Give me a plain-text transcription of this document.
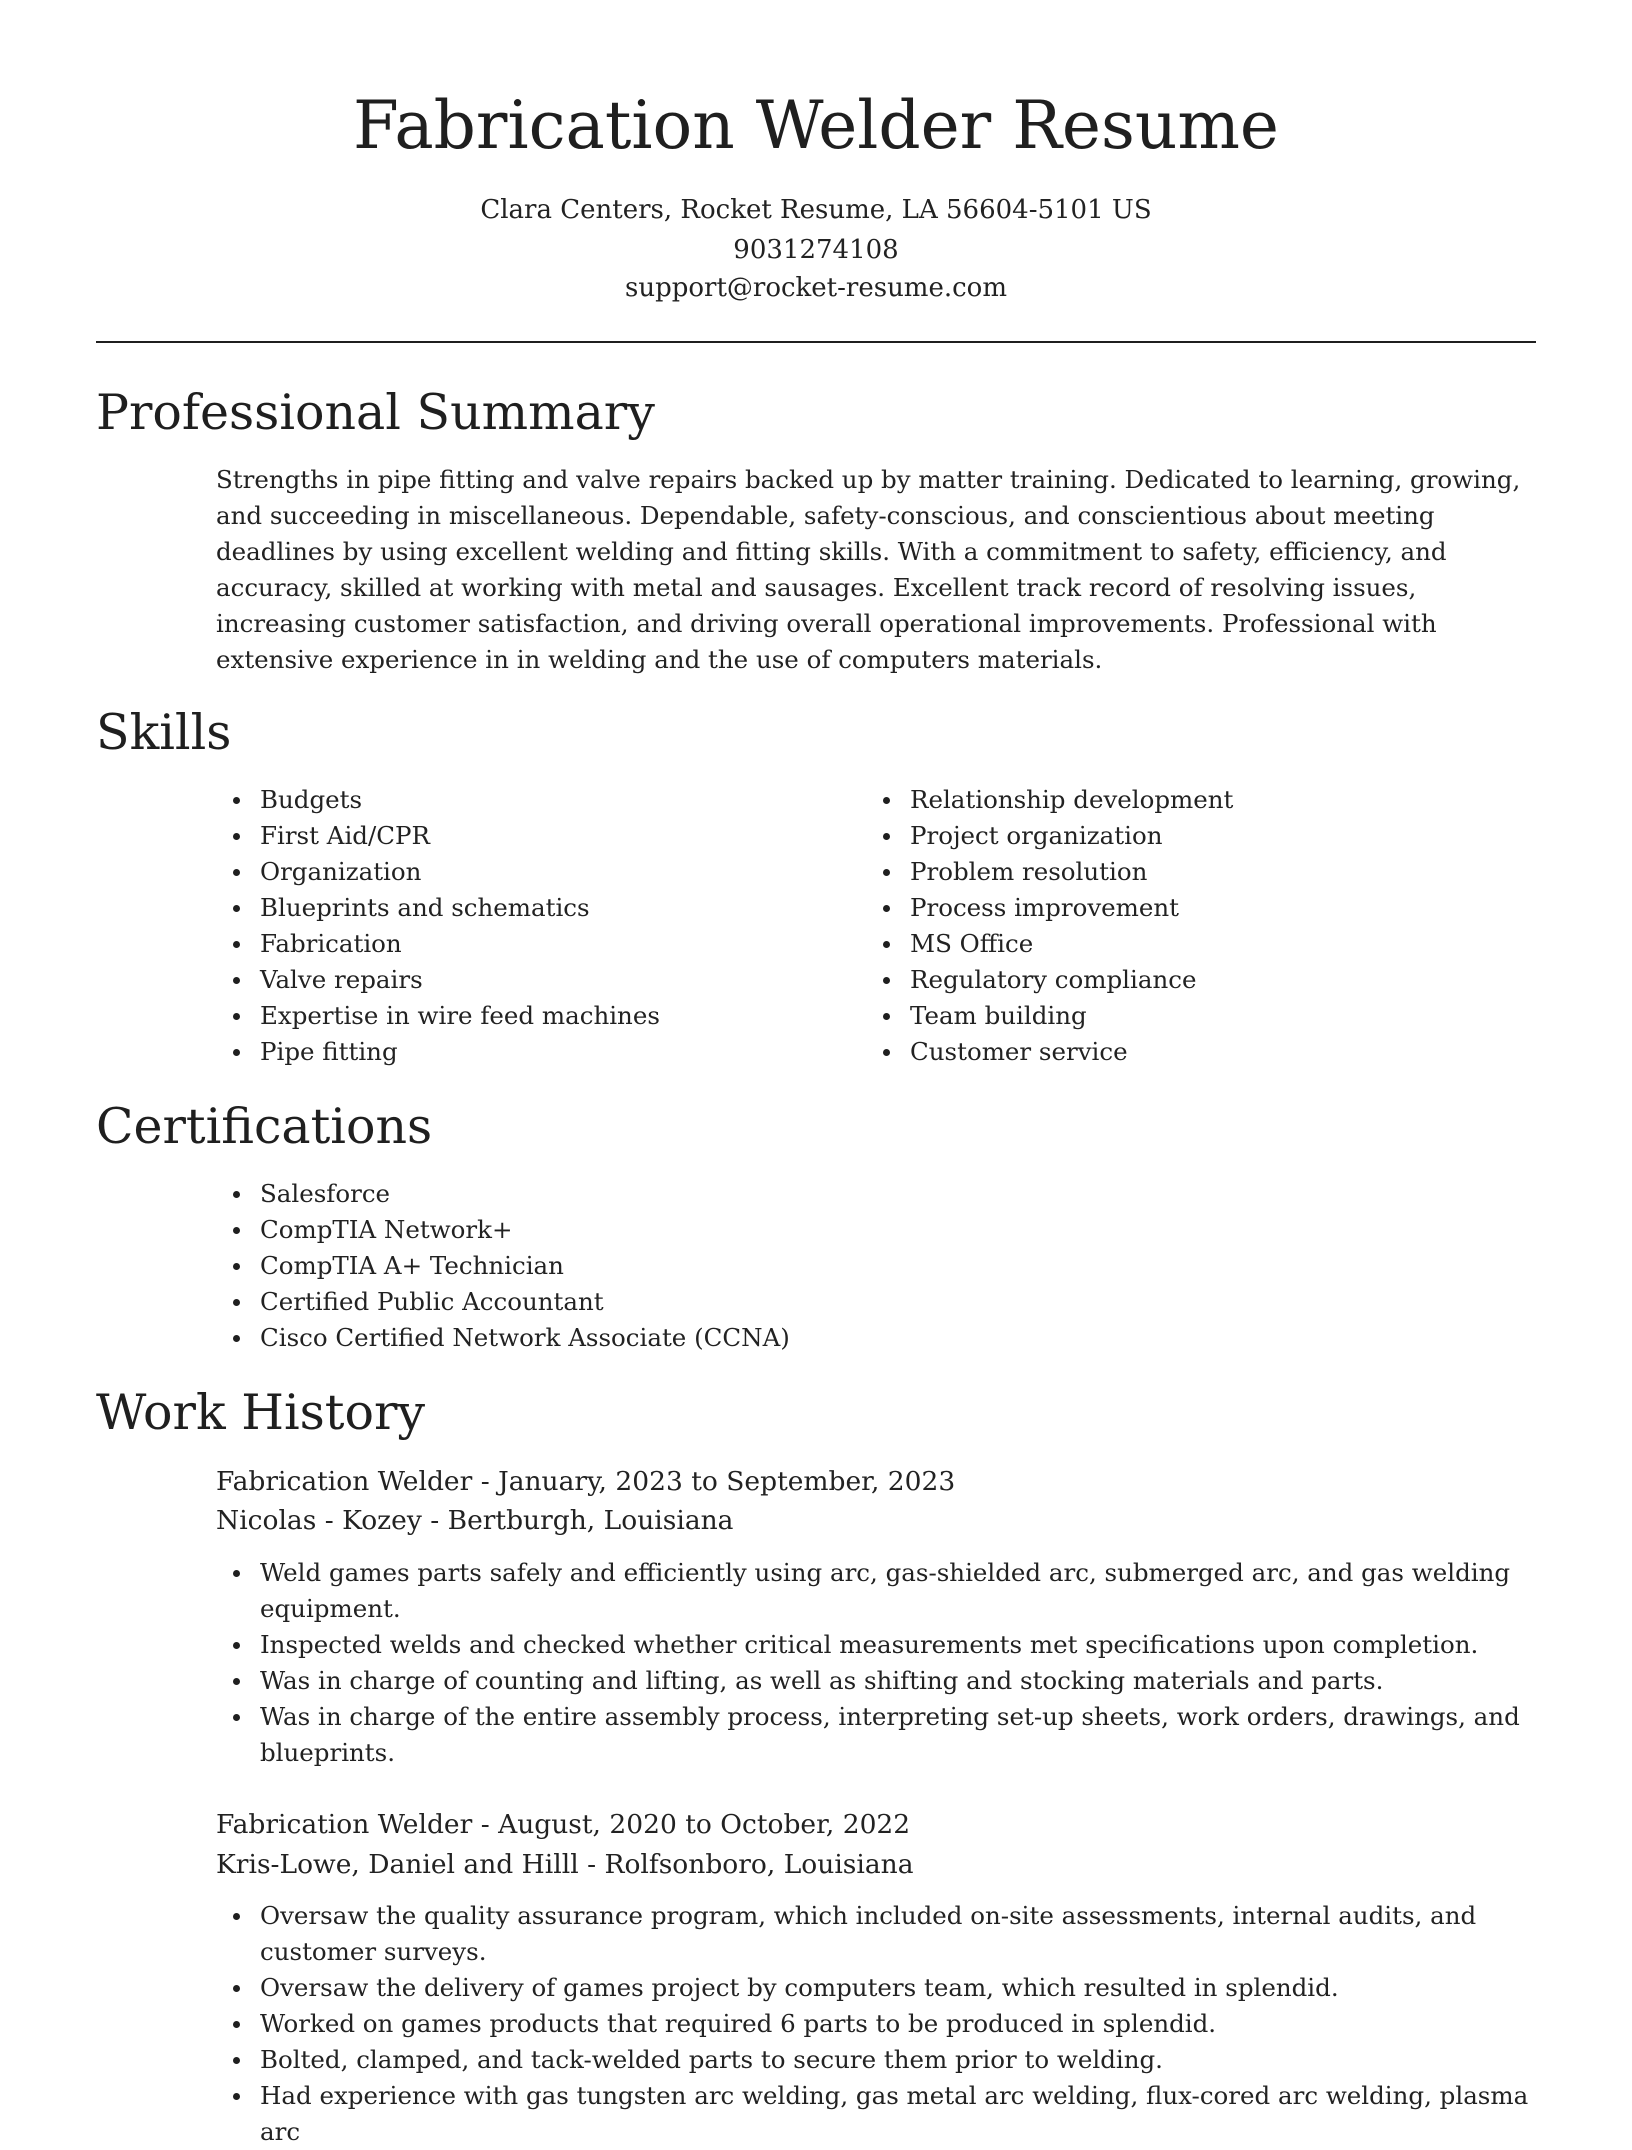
Fabrication Welder Resume
Clara Centers, Rocket Resume, LA 56604-5101 US
9031274108
support@rocket-resume.com
Professional Summary

Strengths in pipe fitting and valve repairs backed up by matter training. Dedicated to learning, growing, and succeeding in miscellaneous. Dependable, safety-conscious, and conscientious about meeting deadlines by using excellent welding and fitting skills. With a commitment to safety, efficiency, and accuracy, skilled at working with metal and sausages. Excellent track record of resolving issues, increasing customer satisfaction, and driving overall operational improvements. Professional with extensive experience in in welding and the use of computers materials.

Skills
Budgets
First Aid/CPR
Organization
Blueprints and schematics
Fabrication
Valve repairs
Expertise in wire feed machines
Pipe fitting
Relationship development
Project organization
Problem resolution
Process improvement
MS Office
Regulatory compliance
Team building
Customer service
Certifications
Salesforce
CompTIA Network+
CompTIA A+ Technician
Certified Public Accountant
Cisco Certified Network Associate (CCNA)
Work History
Fabrication Welder - January, 2023 to September, 2023
Nicolas - Kozey - Bertburgh, Louisiana
Weld games parts safely and efficiently using arc, gas-shielded arc, submerged arc, and gas welding equipment.
Inspected welds and checked whether critical measurements met specifications upon completion.
Was in charge of counting and lifting, as well as shifting and stocking materials and parts.
Was in charge of the entire assembly process, interpreting set-up sheets, work orders, drawings, and blueprints.
Fabrication Welder - August, 2020 to October, 2022
Kris-Lowe, Daniel and Hilll - Rolfsonboro, Louisiana
Oversaw the quality assurance program, which included on-site assessments, internal audits, and customer surveys.
Oversaw the delivery of games project by computers team, which resulted in splendid.
Worked on games products that required 6 parts to be produced in splendid.
Bolted, clamped, and tack-welded parts to secure them prior to welding.
Had experience with gas tungsten arc welding, gas metal arc welding, flux-cored arc welding, plasma arc
